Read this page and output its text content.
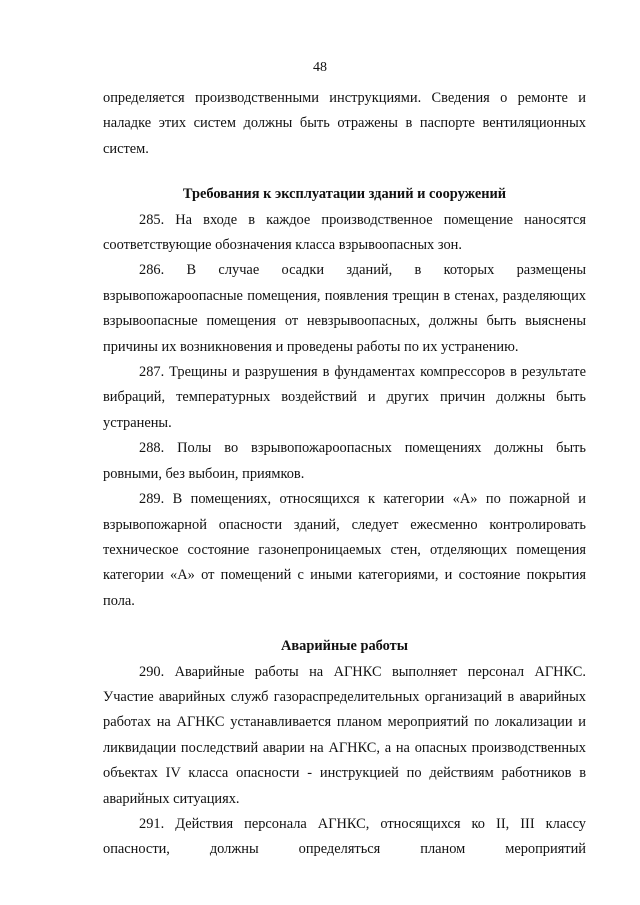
48

определяется производственными инструкциями. Сведения о ремонте и наладке этих систем должны быть отражены в паспорте вентиляционных систем.

Требования к эксплуатации зданий и сооружений

285. На входе в каждое производственное помещение наносятся соответствующие обозначения класса взрывоопасных зон.

286. В случае осадки зданий, в которых размещены взрывопожароопасные помещения, появления трещин в стенах, разделяющих взрывоопасные помещения от невзрывоопасных, должны быть выяснены причины их возникновения и проведены работы по их устранению.

287. Трещины и разрушения в фундаментах компрессоров в результате вибраций, температурных воздействий и других причин должны быть устранены.

288. Полы во взрывопожароопасных помещениях должны быть ровными, без выбоин, приямков.

289. В помещениях, относящихся к категории «А» по пожарной и взрывопожарной опасности зданий, следует ежесменно контролировать техническое состояние газонепроницаемых стен, отделяющих помещения категории «А» от помещений с иными категориями, и состояние покрытия пола.

Аварийные работы

290. Аварийные работы на АГНКС выполняет персонал АГНКС. Участие аварийных служб газораспределительных организаций в аварийных работах на АГНКС устанавливается планом мероприятий по локализации и ликвидации последствий аварии на АГНКС, а на опасных производственных объектах IV класса опасности - инструкцией по действиям работников в аварийных ситуациях.

291. Действия персонала АГНКС, относящихся ко II, III классу опасности, должны определяться планом мероприятий
